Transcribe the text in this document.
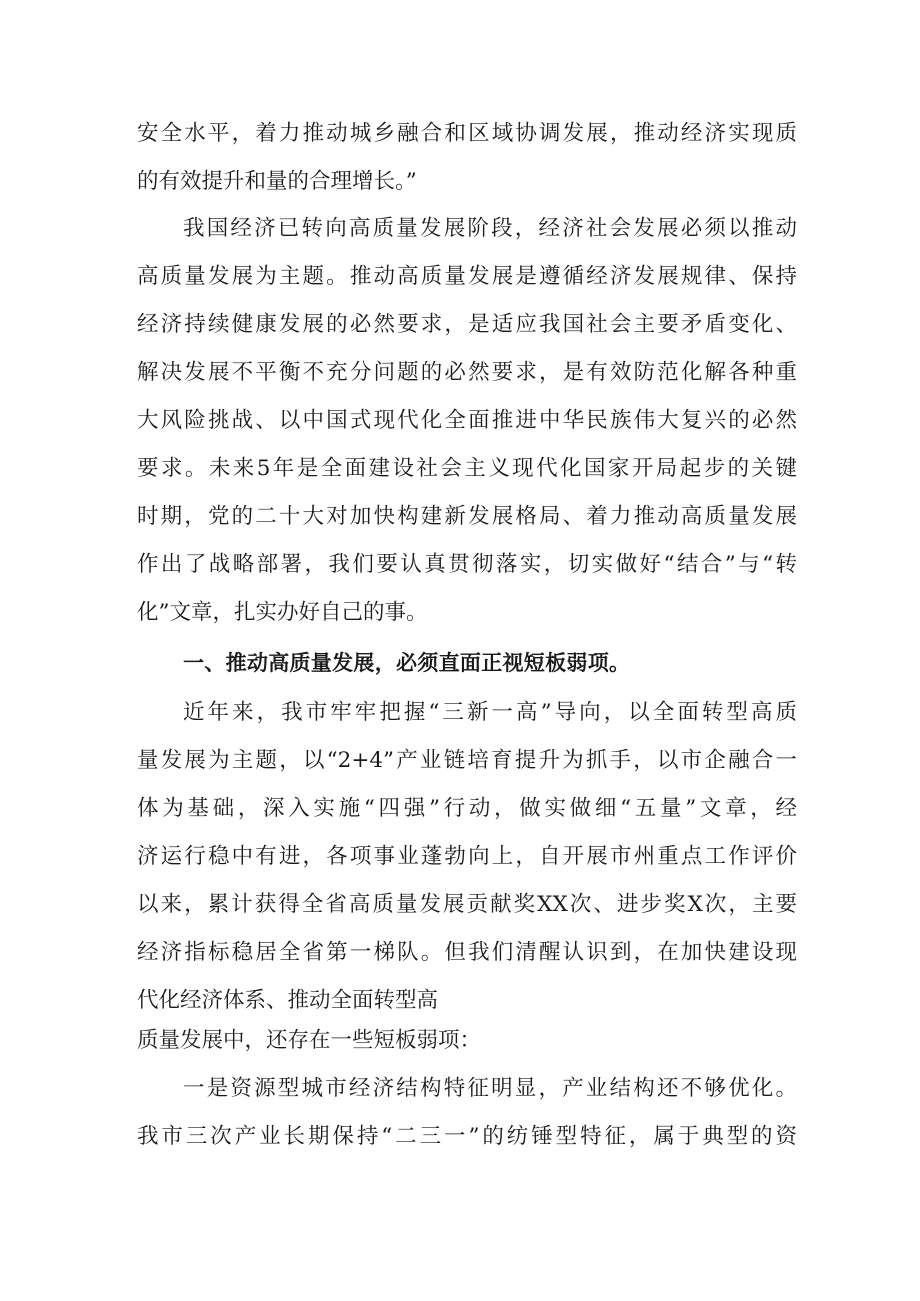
安全水平，着力推动城乡融合和区域协调发展，推动经济实现质

的有效提升和量的合理增长。”

我国经济已转向高质量发展阶段，经济社会发展必须以推动

高质量发展为主题。推动高质量发展是遵循经济发展规律、保持

经济持续健康发展的必然要求，是适应我国社会主要矛盾变化、

解决发展不平衡不充分问题的必然要求，是有效防范化解各种重

大风险挑战、以中国式现代化全面推进中华民族伟大复兴的必然

要求。未来5年是全面建设社会主义现代化国家开局起步的关键

时期，党的二十大对加快构建新发展格局、着力推动高质量发展

作出了战略部署，我们要认真贯彻落实，切实做好“结合”与“转

化”文章，扎实办好自己的事。

一、推动高质量发展，必须直面正视短板弱项。

近年来，我市牢牢把握“三新一高”导向，以全面转型高质

量发展为主题，以“2+4”产业链培育提升为抓手，以市企融合一

体为基础，深入实施“四强”行动，做实做细“五量”文章，经

济运行稳中有进，各项事业蓬勃向上，自开展市州重点工作评价

以来，累计获得全省高质量发展贡献奖XX次、进步奖X次，主要

经济指标稳居全省第一梯队。但我们清醒认识到，在加快建设现

代化经济体系、推动全面转型高

质量发展中，还存在一些短板弱项：

一是资源型城市经济结构特征明显，产业结构还不够优化。

我市三次产业长期保持“二三一”的纺锤型特征，属于典型的资
